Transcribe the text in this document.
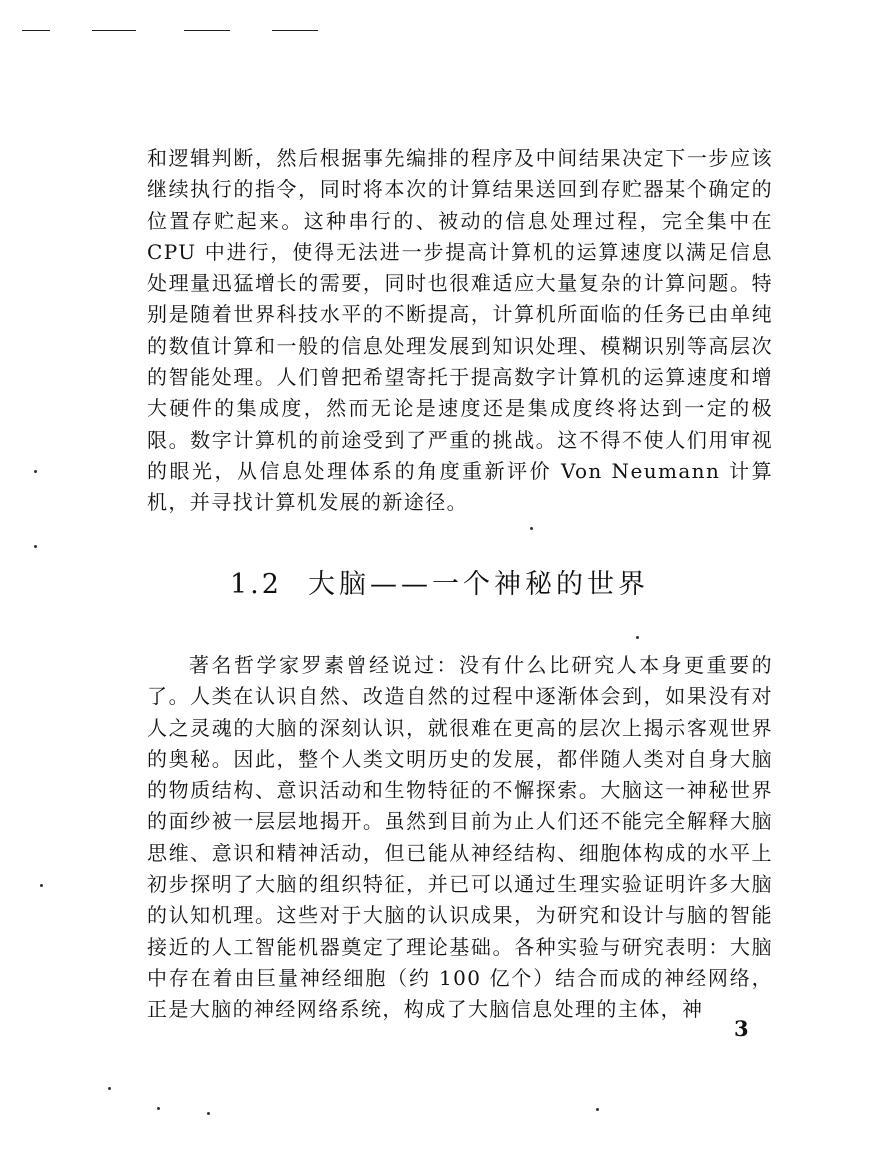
和逻辑判断，然后根据事先编排的程序及中间结果决定下一步应该继续执行的指令，同时将本次的计算结果送回到存贮器某个确定的位置存贮起来。这种串行的、被动的信息处理过程，完全集中在 CPU 中进行，使得无法进一步提高计算机的运算速度以满足信息处理量迅猛增长的需要，同时也很难适应大量复杂的计算问题。特别是随着世界科技水平的不断提高，计算机所面临的任务已由单纯的数值计算和一般的信息处理发展到知识处理、模糊识别等高层次的智能处理。人们曾把希望寄托于提高数字计算机的运算速度和增大硬件的集成度，然而无论是速度还是集成度终将达到一定的极限。数字计算机的前途受到了严重的挑战。这不得不使人们用审视的眼光，从信息处理体系的角度重新评价 Von Neumann 计算机，并寻找计算机发展的新途径。

1.2 大脑——一个神秘的世界

著名哲学家罗素曾经说过：没有什么比研究人本身更重要的了。人类在认识自然、改造自然的过程中逐渐体会到，如果没有对人之灵魂的大脑的深刻认识，就很难在更高的层次上揭示客观世界的奥秘。因此，整个人类文明历史的发展，都伴随人类对自身大脑的物质结构、意识活动和生物特征的不懈探索。大脑这一神秘世界的面纱被一层层地揭开。虽然到目前为止人们还不能完全解释大脑思维、意识和精神活动，但已能从神经结构、细胞体构成的水平上初步探明了大脑的组织特征，并已可以通过生理实验证明许多大脑的认知机理。这些对于大脑的认识成果，为研究和设计与脑的智能接近的人工智能机器奠定了理论基础。各种实验与研究表明：大脑中存在着由巨量神经细胞（约 100 亿个）结合而成的神经网络，正是大脑的神经网络系统，构成了大脑信息处理的主体，神

3
